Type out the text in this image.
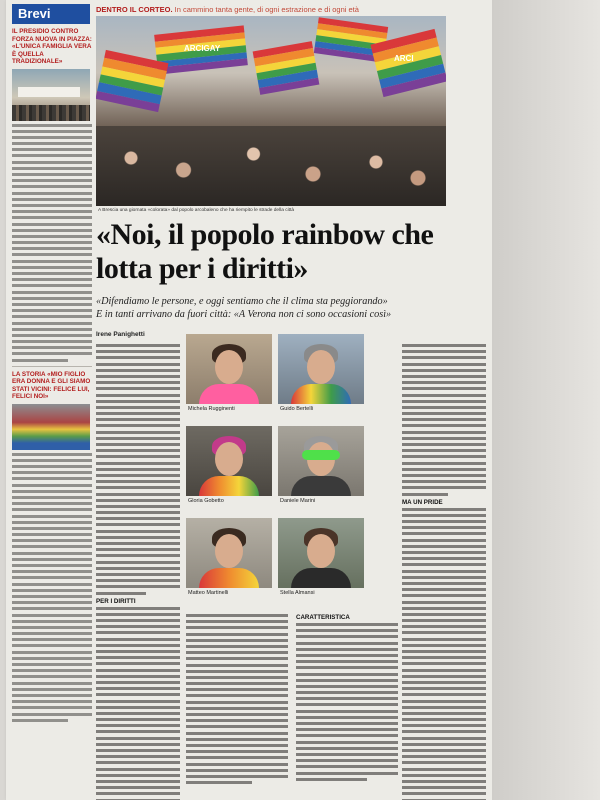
Brevi
IL PRESIDIO CONTRO FORZA NUOVA IN PIAZZA: «L'UNICA FAMIGLIA VERA È QUELLA TRADIZIONALE»
LA STORIA «MIO FIGLIO ERA DONNA E GLI SIAMO STATI VICINI: FELICE LUI, FELICI NOI»
DENTRO IL CORTEO. In cammino tanta gente, di ogni estrazione e di ogni età
ARCIGAY
ARCI
A Brescia una giornata «colorata» dal popolo arcobaleno che ha riempito le strade della città
«Noi, il popolo rainbow che lotta per i diritti»
«Difendiamo le persone, e oggi sentiamo che il clima sta peggiorando»
E in tanti arrivano da fuori città: «A Verona non ci sono occasioni così»
Irene Panighetti
PER I DIRITTI
Michela Rugginenti	Guido Bertelli
Gloria Gobetto	Daniele Marini
Matteo Martinelli	Stella Almansi
MA UN PRIDE
CARATTERISTICA
